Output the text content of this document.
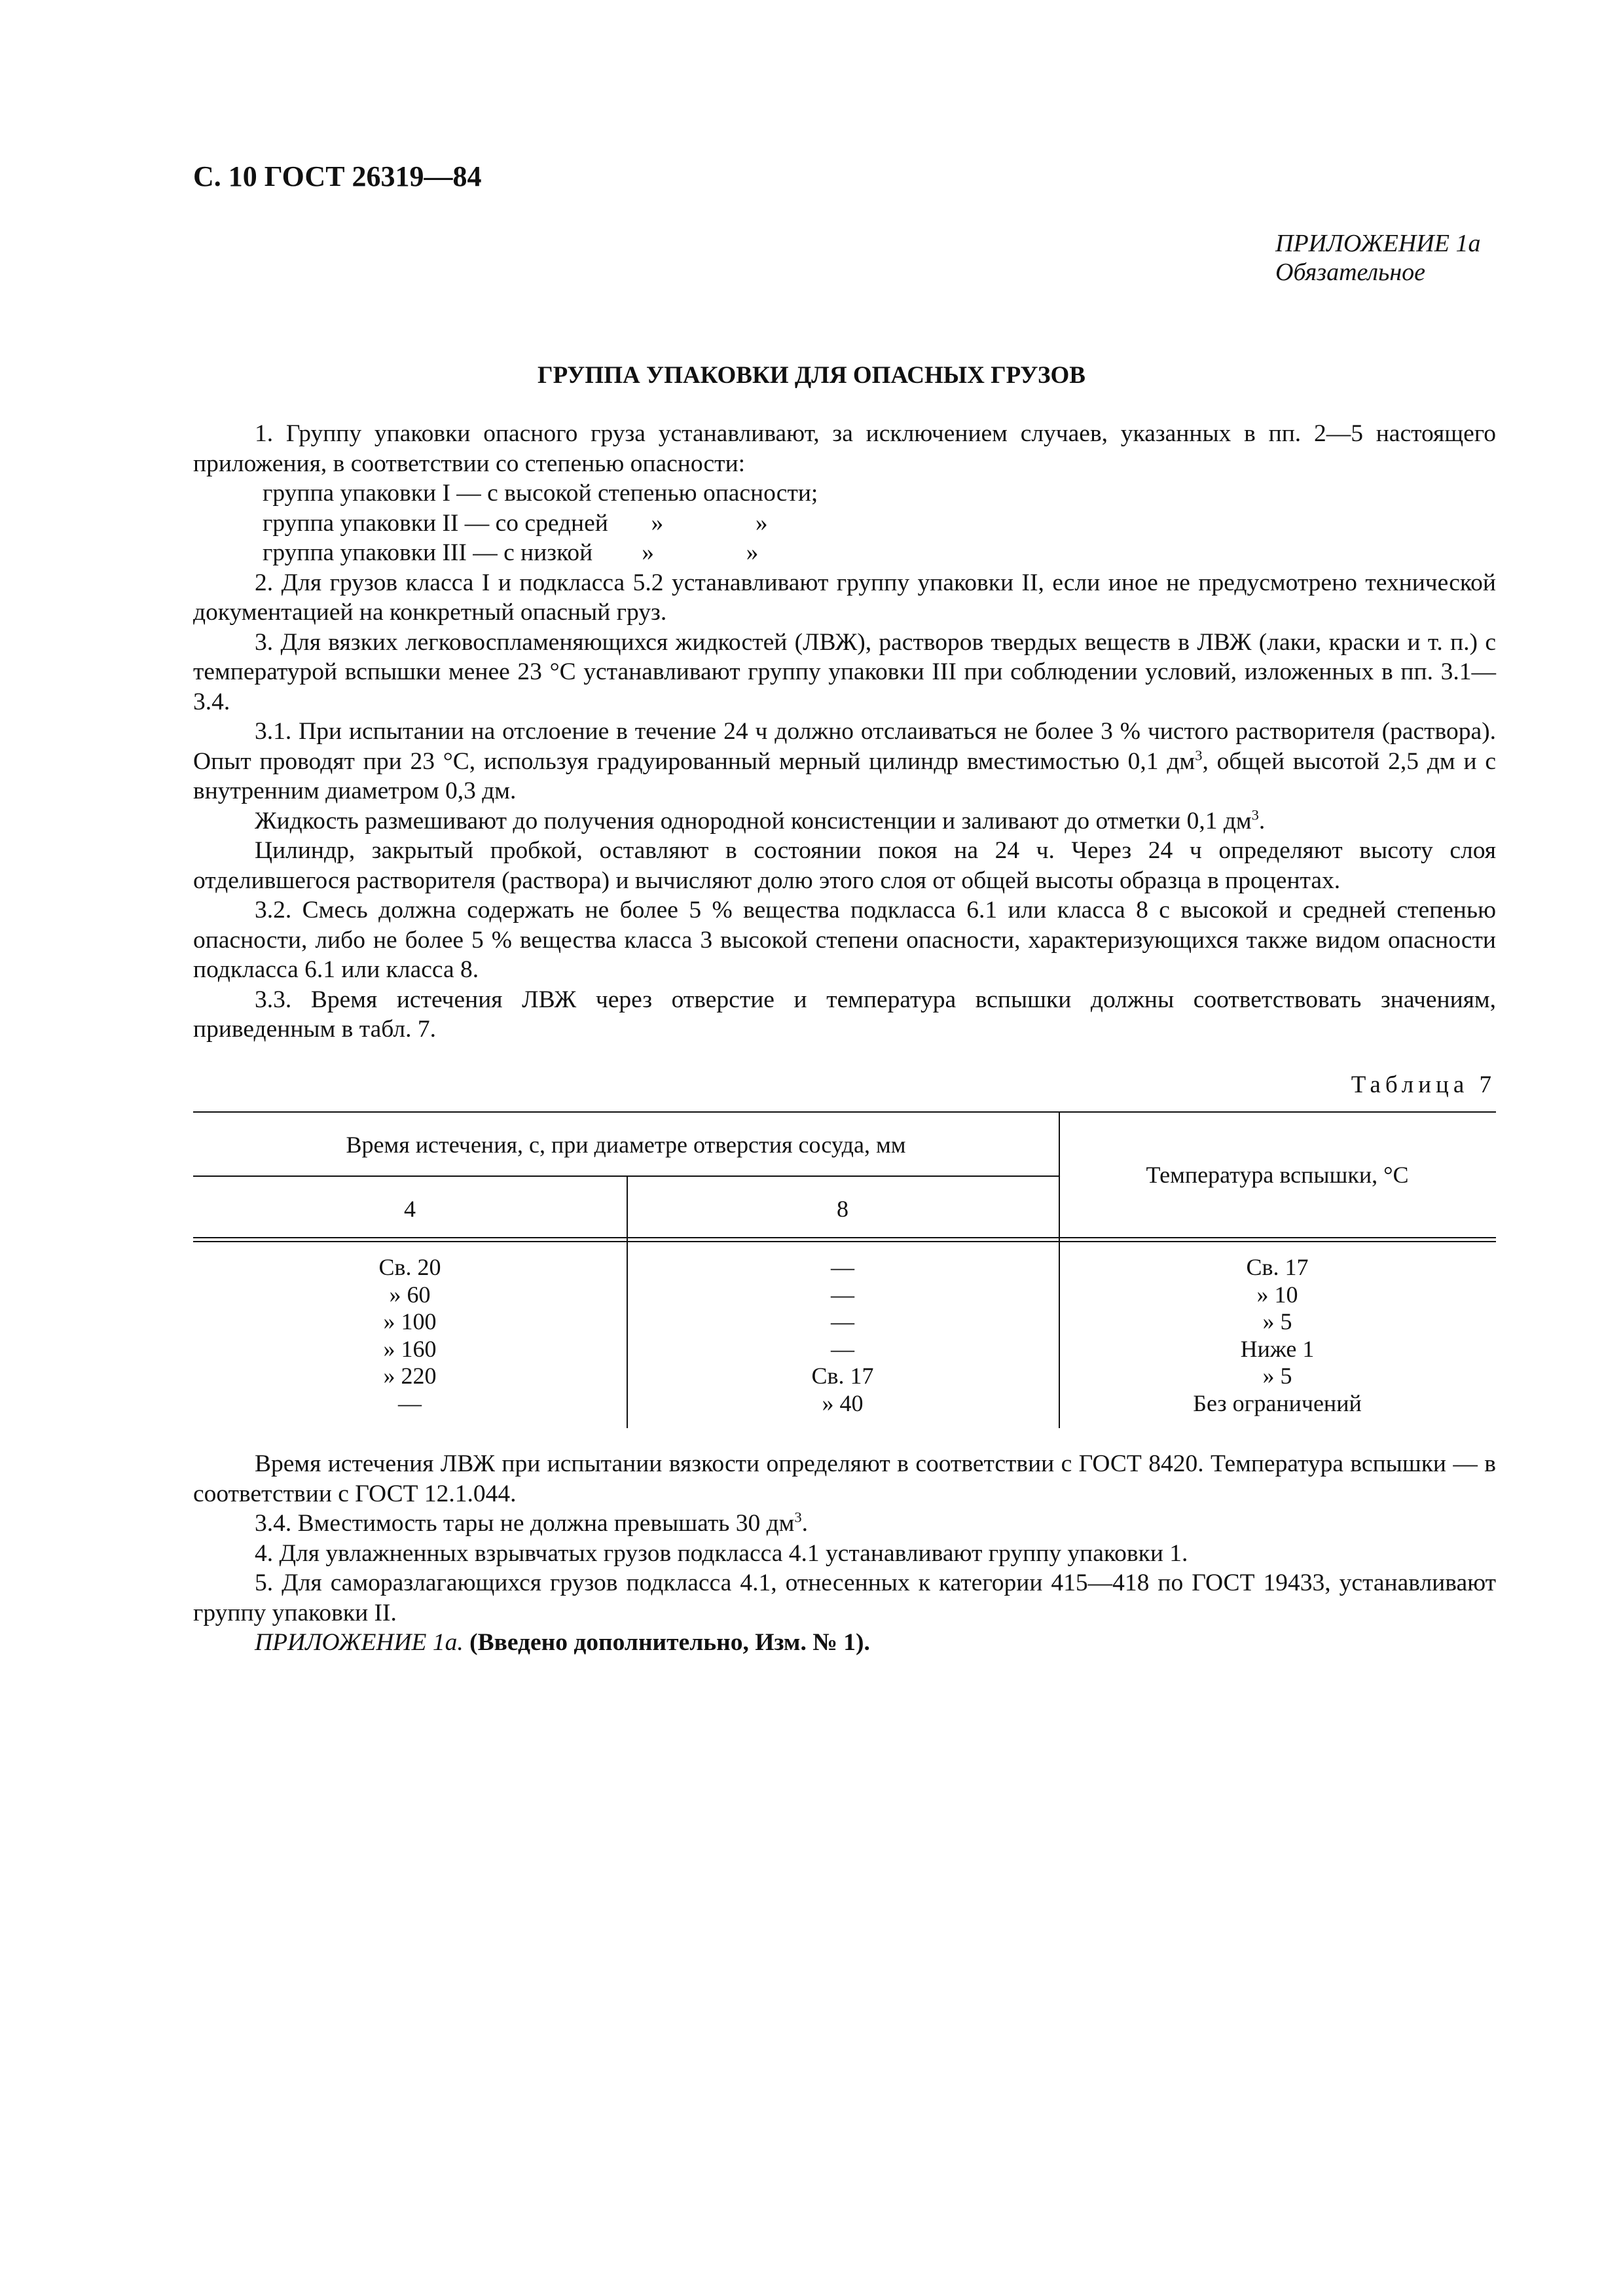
С. 10 ГОСТ 26319—84
ПРИЛОЖЕНИЕ 1а
Обязательное
ГРУППА УПАКОВКИ ДЛЯ ОПАСНЫХ ГРУЗОВ

1. Группу упаковки опасного груза устанавливают, за исключением случаев, указанных в пп. 2—5 настоящего приложения, в соответствии со степенью опасности:

группа упаковки I — с высокой степенью опасности;

группа упаковки II — со средней       »               »

группа упаковки III — с низкой        »               »

2. Для грузов класса I и подкласса 5.2 устанавливают группу упаковки II, если иное не предусмотрено технической документацией на конкретный опасный груз.

3. Для вязких легковоспламеняющихся жидкостей (ЛВЖ), растворов твердых веществ в ЛВЖ (лаки, краски и т. п.) с температурой вспышки менее 23 °С устанавливают группу упаковки III при соблюдении условий, изложенных в пп. 3.1—3.4.

3.1. При испытании на отслоение в течение 24 ч должно отслаиваться не более 3 % чистого растворителя (раствора). Опыт проводят при 23 °С, используя градуированный мерный цилиндр вместимостью 0,1 $дм^3$, общей высотой 2,5 дм и с внутренним диаметром 0,3 дм.

Жидкость размешивают до получения однородной консистенции и заливают до отметки 0,1 $дм^3$.

Цилиндр, закрытый пробкой, оставляют в состоянии покоя на 24 ч. Через 24 ч определяют высоту слоя отделившегося растворителя (раствора) и вычисляют долю этого слоя от общей высоты образца в процентах.

3.2. Смесь должна содержать не более 5 % вещества подкласса 6.1 или класса 8 с высокой и средней степенью опасности, либо не более 5 % вещества класса 3 высокой степени опасности, характеризующихся также видом опасности подкласса 6.1 или класса 8.

3.3. Время истечения ЛВЖ через отверстие и температура вспышки должны соответствовать значениям, приведенным в табл. 7.

Таблица 7
Время истечения, с, при диаметре отверстия сосуда, мм
4	8
Температура вспышки, °С
Св. 20
» 60
» 100
» 160
» 220
—
—
—
—
—
Св. 17
» 40
Св. 17
» 10
» 5
Ниже 1
» 5
Без ограничений

Время истечения ЛВЖ при испытании вязкости определяют в соответствии с ГОСТ 8420. Температура вспышки — в соответствии с ГОСТ 12.1.044.

3.4. Вместимость тары не должна превышать 30 $дм^3$.

4. Для увлажненных взрывчатых грузов подкласса 4.1 устанавливают группу упаковки 1.

5. Для саморазлагающихся грузов подкласса 4.1, отнесенных к категории 415—418 по ГОСТ 19433, устанавливают группу упаковки II.

ПРИЛОЖЕНИЕ 1а. (Введено дополнительно, Изм. № 1).
